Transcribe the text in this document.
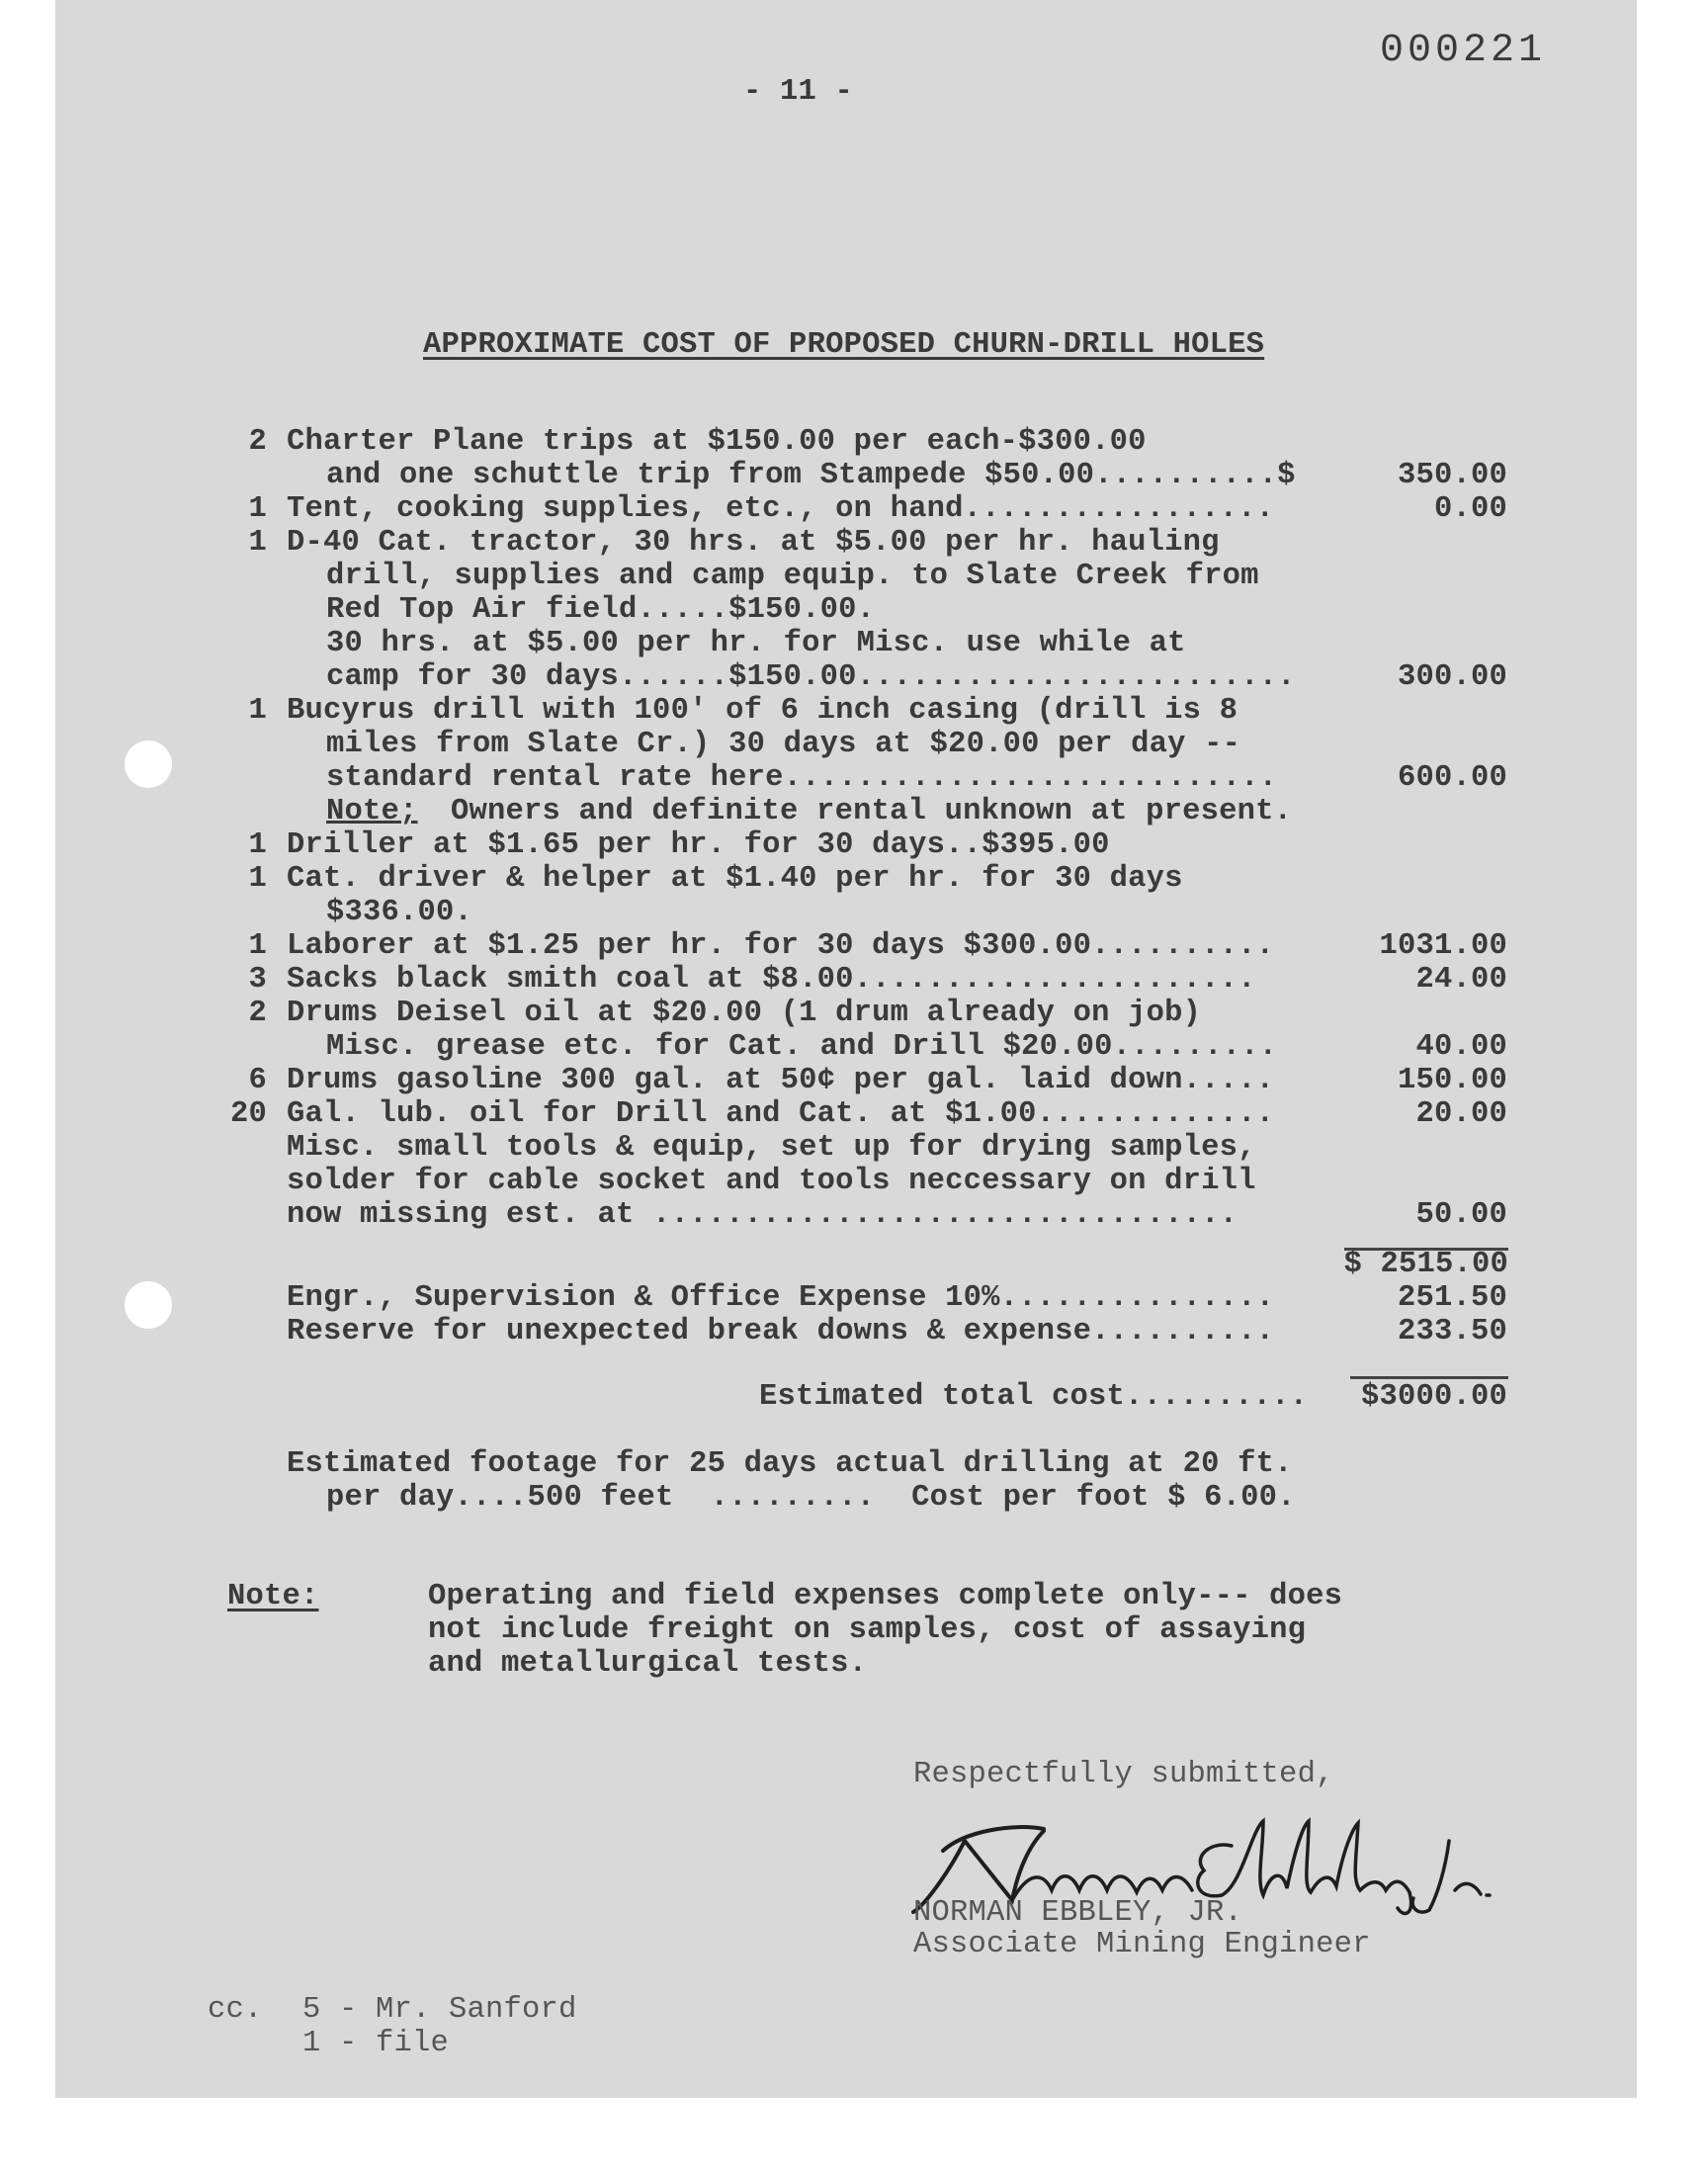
000221
- 11 -
APPROXIMATE COST OF PROPOSED CHURN-DRILL HOLES
2 Charter Plane trips at $150.00 per each-$300.00
and one schuttle trip from Stampede $50.00..........$	350.00
1 Tent, cooking supplies, etc., on hand.................	0.00
1 D-40 Cat. tractor, 30 hrs. at $5.00 per hr. hauling
drill, supplies and camp equip. to Slate Creek from
Red Top Air field.....$150.00.
30 hrs. at $5.00 per hr. for Misc. use while at
camp for 30 days......$150.00........................	300.00
1 Bucyrus drill with 100' of 6 inch casing (drill is 8
miles from Slate Cr.) 30 days at $20.00 per day --
standard rental rate here...........................	600.00
Owners and definite rental unknown at present.
Note;
1 Driller at $1.65 per hr. for 30 days..$395.00
1 Cat. driver & helper at $1.40 per hr. for 30 days
$336.00.
1 Laborer at $1.25 per hr. for 30 days $300.00..........	1031.00
3 Sacks black smith coal at $8.00......................	24.00
2 Drums Deisel oil at $20.00 (1 drum already on job)
Misc. grease etc. for Cat. and Drill $20.00.........	40.00
6 Drums gasoline 300 gal. at 50¢ per gal. laid down.....	150.00
20 Gal. lub. oil for Drill and Cat. at $1.00.............	20.00
Misc. small tools & equip, set up for drying samples,
solder for cable socket and tools neccessary on drill
now missing est. at ................................	50.00
$ 2515.00
Engr., Supervision & Office Expense 10%...............	251.50
Reserve for unexpected break downs & expense..........	233.50
Estimated total cost..........	$3000.00
Estimated footage for 25 days actual drilling at 20 ft.
per day....500 feet  .........  Cost per foot $ 6.00.
Note:	Operating and field expenses complete only--- does
not include freight on samples, cost of assaying
and metallurgical tests.
Respectfully submitted,
NORMAN EBBLEY, JR.
Associate Mining Engineer
cc. 5 - Mr. Sanford
1 - file
